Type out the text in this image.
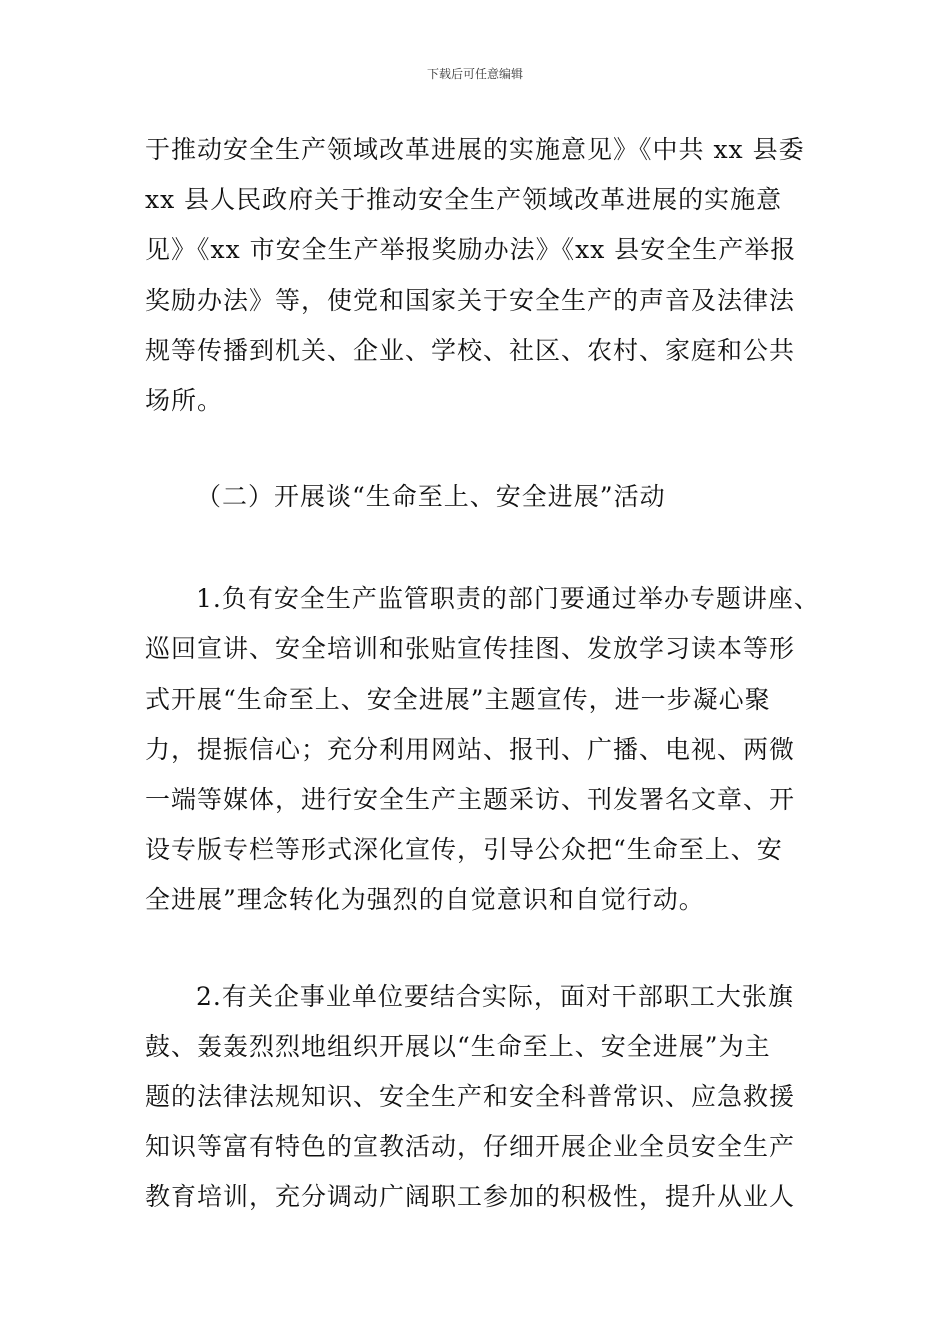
下载后可任意编辑
于推动安全生产领域改革进展的实施意见》《中共 xx 县委
xx 县人民政府关于推动安全生产领域改革进展的实施意
见》《xx 市安全生产举报奖励办法》《xx 县安全生产举报
奖励办法》等，使党和国家关于安全生产的声音及法律法
规等传播到机关、企业、学校、社区、农村、家庭和公共
场所。
（二）开展谈“生命至上、安全进展”活动
1.负有安全生产监管职责的部门要通过举办专题讲座、
巡回宣讲、安全培训和张贴宣传挂图、发放学习读本等形
式开展“生命至上、安全进展”主题宣传，进一步凝心聚
力，提振信心；充分利用网站、报刊、广播、电视、两微
一端等媒体，进行安全生产主题采访、刊发署名文章、开
设专版专栏等形式深化宣传，引导公众把“生命至上、安
全进展”理念转化为强烈的自觉意识和自觉行动。
2.有关企事业单位要结合实际，面对干部职工大张旗
鼓、轰轰烈烈地组织开展以“生命至上、安全进展”为主
题的法律法规知识、安全生产和安全科普常识、应急救援
知识等富有特色的宣教活动，仔细开展企业全员安全生产
教育培训，充分调动广阔职工参加的积极性，提升从业人
